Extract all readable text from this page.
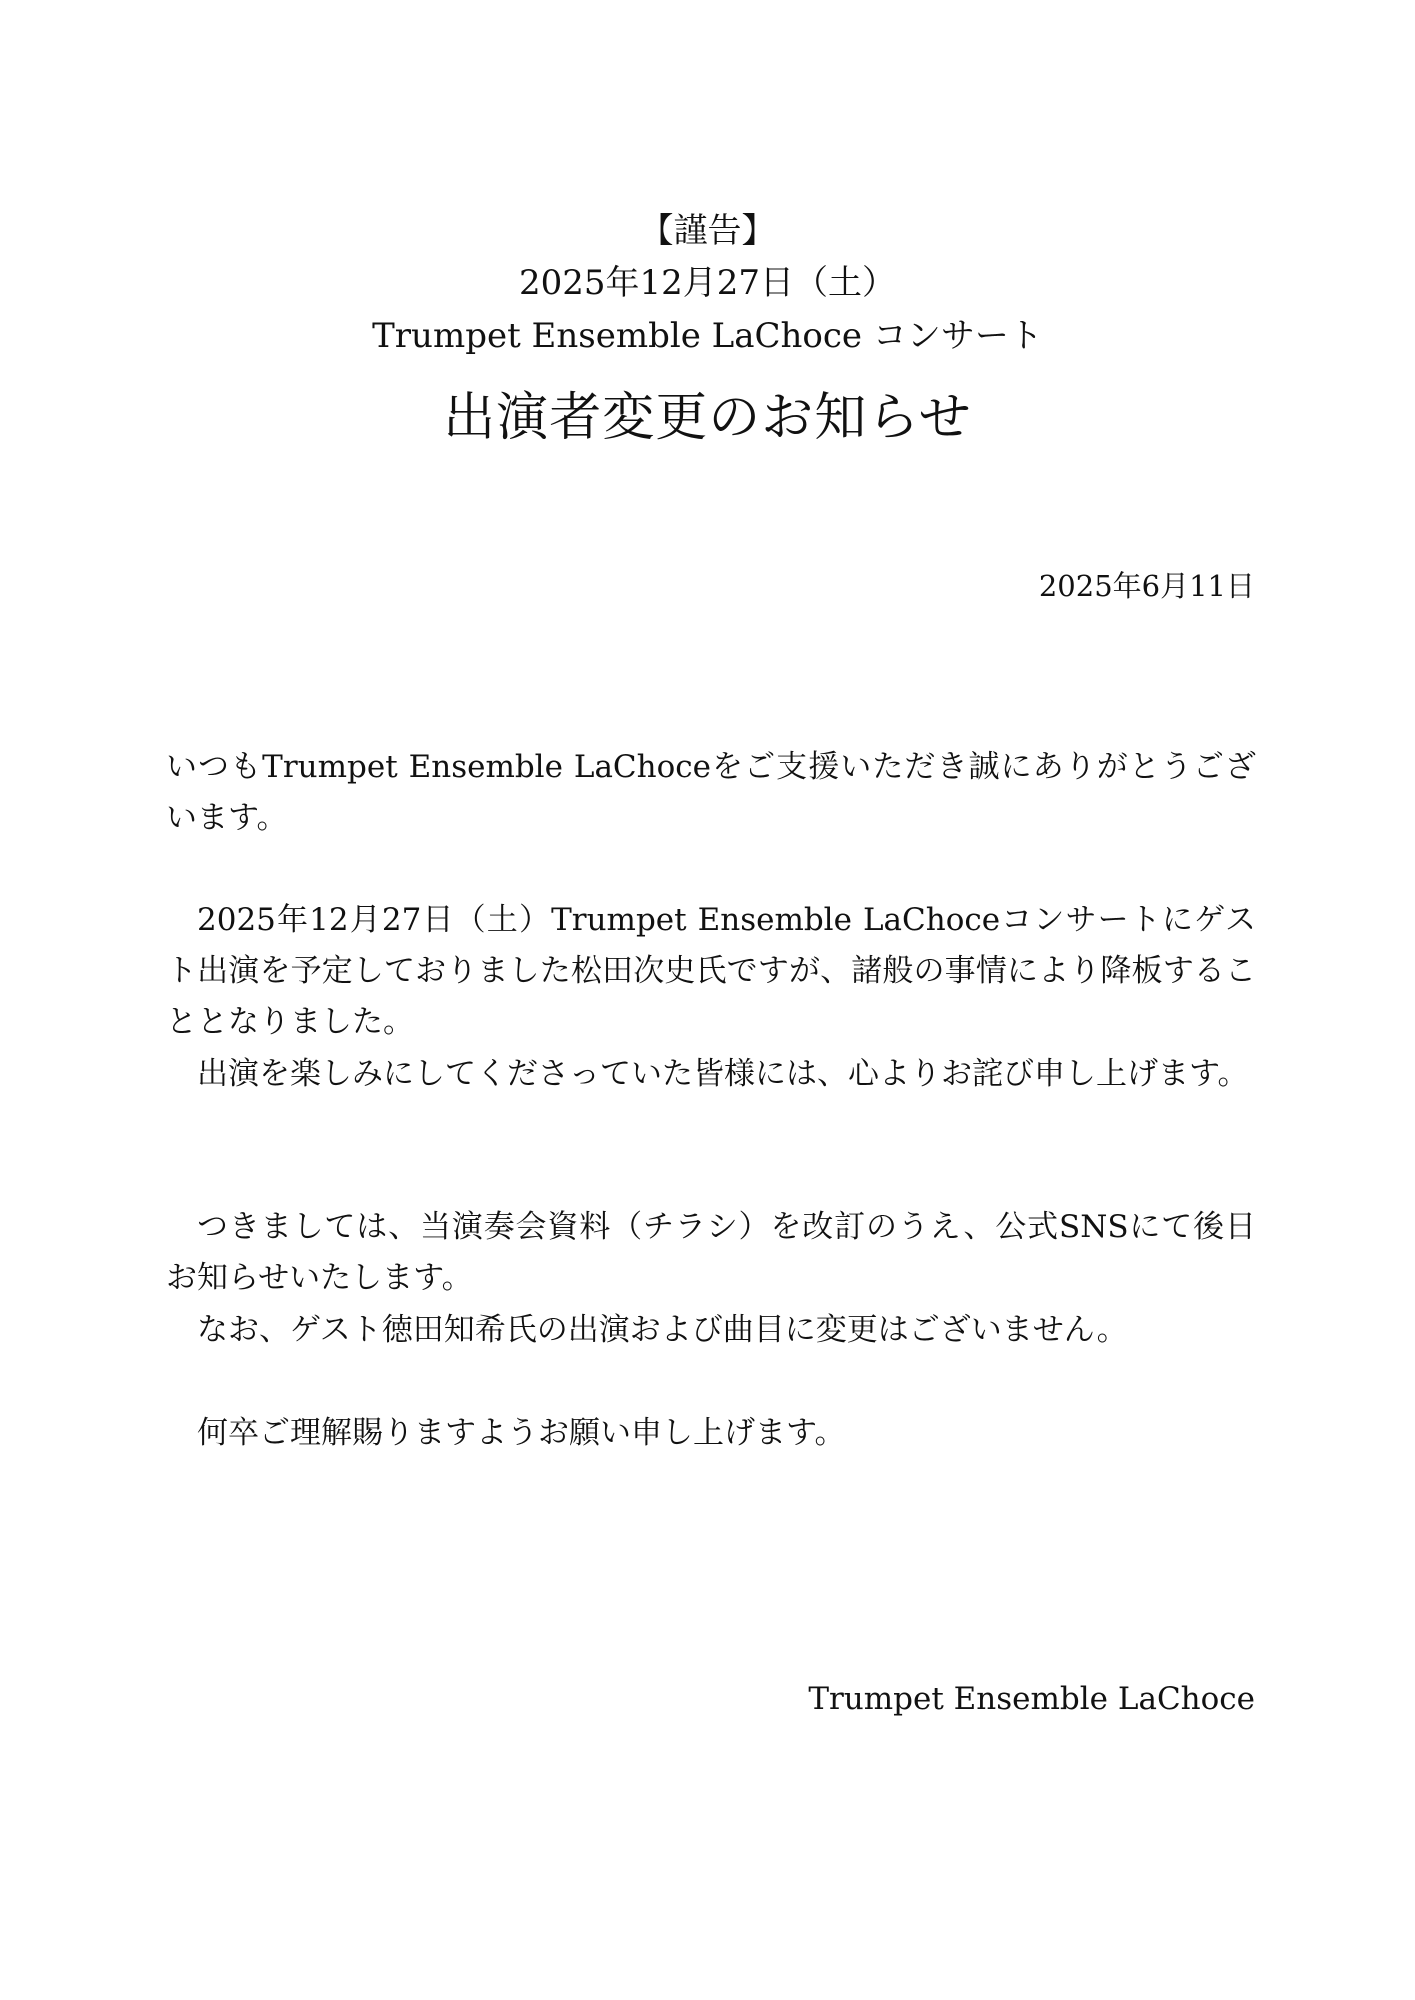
【謹告】
2025年12月27日（土）
Trumpet Ensemble LaChoce コンサート
出演者変更のお知らせ
2025年6月11日
いつもTrumpet Ensemble LaChoceをご支援いただき誠にありがとうございます。
2025年12月27日（土）Trumpet Ensemble LaChoceコンサートにゲスト出演を予定しておりました松田次史氏ですが、諸般の事情により降板することとなりました。
出演を楽しみにしてくださっていた皆様には、心よりお詫び申し上げます。
つきましては、当演奏会資料（チラシ）を改訂のうえ、公式SNSにて後日お知らせいたします。
なお、ゲスト徳田知希氏の出演および曲目に変更はございません。
何卒ご理解賜りますようお願い申し上げます。
Trumpet Ensemble LaChoce
